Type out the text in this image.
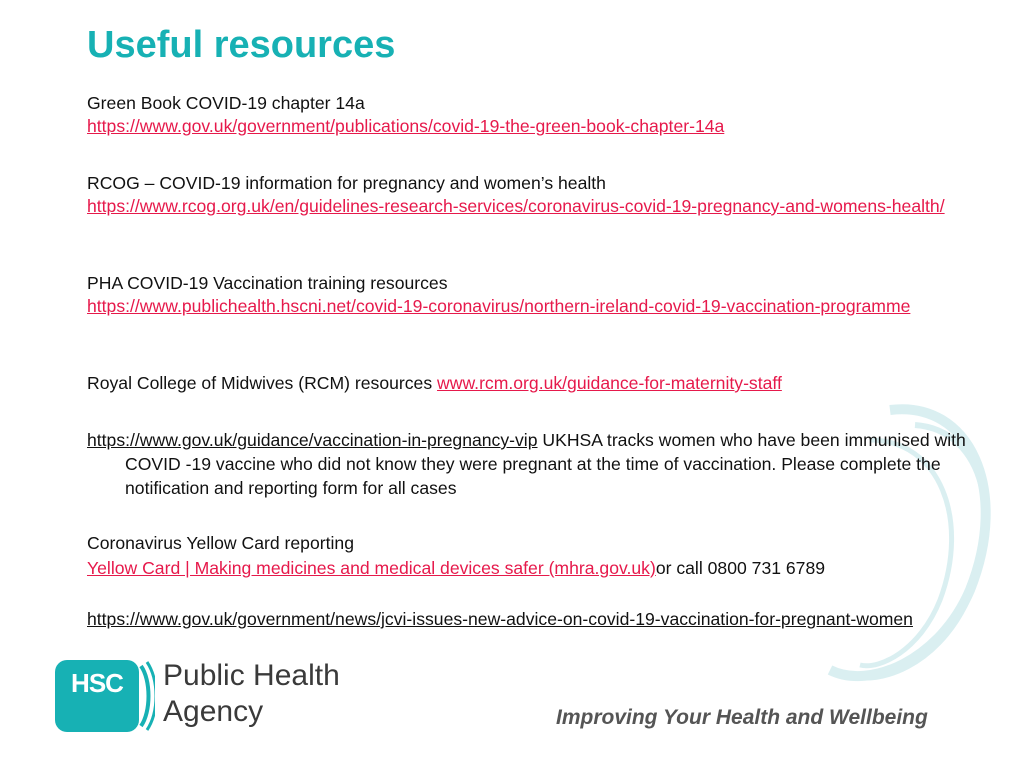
Useful resources

Green Book COVID-19 chapter 14a
https://www.gov.uk/government/publications/covid-19-the-green-book-chapter-14a

RCOG – COVID-19 information for pregnancy and women’s health
https://www.rcog.org.uk/en/guidelines-research-services/coronavirus-covid-19-pregnancy-and-womens-health/

PHA COVID-19 Vaccination training resources
https://www.publichealth.hscni.net/covid-19-coronavirus/northern-ireland-covid-19-vaccination-programme

Royal College of Midwives (RCM) resources www.rcm.org.uk/guidance-for-maternity-staff

https://www.gov.uk/guidance/vaccination-in-pregnancy-vip UKHSA tracks women who have been immunised with COVID -19 vaccine who did not know they were pregnant at the time of vaccination. Please complete the notification and reporting form for all cases

Coronavirus Yellow Card reporting
Yellow Card | Making medicines and medical devices safer (mhra.gov.uk)or call 0800 731 6789

https://www.gov.uk/government/news/jcvi-issues-new-advice-on-covid-19-vaccination-for-pregnant-women

HSC	Public Health
Agency	Improving Your Health and Wellbeing
